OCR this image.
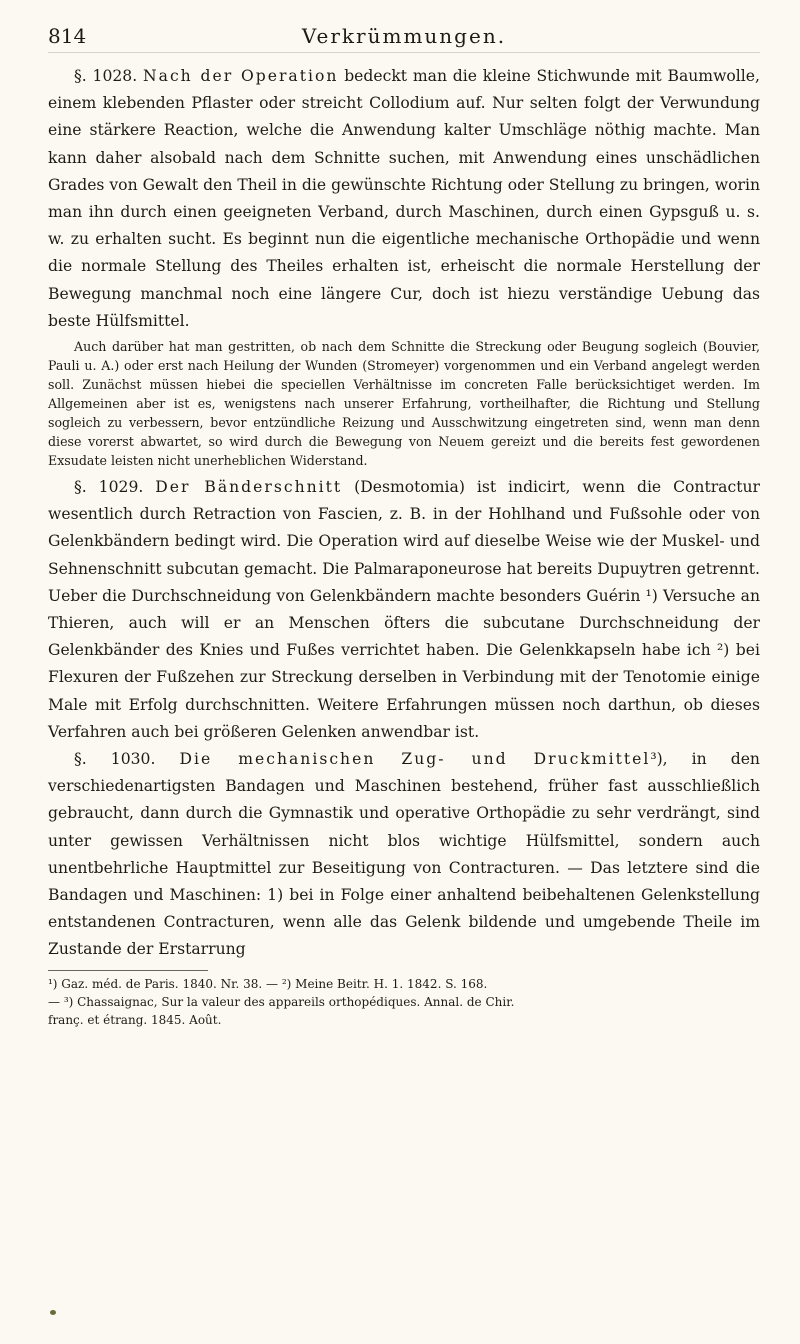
814	Verkrümmungen.

§. 1028. Nach der Operation bedeckt man die kleine Stichwunde mit Baumwolle, einem klebenden Pflaster oder streicht Collodium auf. Nur selten folgt der Verwundung eine stärkere Reaction, welche die Anwendung kalter Umschläge nöthig machte. Man kann daher alsobald nach dem Schnitte suchen, mit Anwendung eines unschädlichen Grades von Gewalt den Theil in die gewünschte Richtung oder Stellung zu bringen, worin man ihn durch einen geeigneten Verband, durch Maschinen, durch einen Gypsguß u. s. w. zu erhalten sucht. Es beginnt nun die eigentliche mechanische Orthopädie und wenn die normale Stellung des Theiles erhalten ist, erheischt die normale Herstellung der Bewegung manchmal noch eine längere Cur, doch ist hiezu verständige Uebung das beste Hülfsmittel.

Auch darüber hat man gestritten, ob nach dem Schnitte die Streckung oder Beugung sogleich (Bouvier, Pauli u. A.) oder erst nach Heilung der Wunden (Stromeyer) vorgenommen und ein Verband angelegt werden soll. Zunächst müssen hiebei die speciellen Verhältnisse im concreten Falle berücksichtiget werden. Im Allgemeinen aber ist es, wenigstens nach unserer Erfahrung, vortheilhafter, die Richtung und Stellung sogleich zu verbessern, bevor entzündliche Reizung und Ausschwitzung eingetreten sind, wenn man denn diese vorerst abwartet, so wird durch die Bewegung von Neuem gereizt und die bereits fest gewordenen Exsudate leisten nicht unerheblichen Widerstand.

§. 1029. Der Bänderschnitt (Desmotomia) ist indicirt, wenn die Contractur wesentlich durch Retraction von Fascien, z. B. in der Hohlhand und Fußsohle oder von Gelenkbändern bedingt wird. Die Operation wird auf dieselbe Weise wie der Muskel- und Sehnenschnitt subcutan gemacht. Die Palmaraponeurose hat bereits Dupuytren getrennt. Ueber die Durchschneidung von Gelenkbändern machte besonders Guérin ¹) Versuche an Thieren, auch will er an Menschen öfters die subcutane Durchschneidung der Gelenkbänder des Knies und Fußes verrichtet haben. Die Gelenkkapseln habe ich ²) bei Flexuren der Fußzehen zur Streckung derselben in Verbindung mit der Tenotomie einige Male mit Erfolg durchschnitten. Weitere Erfahrungen müssen noch darthun, ob dieses Verfahren auch bei größeren Gelenken anwendbar ist.

§. 1030. Die mechanischen Zug- und Druckmittel³), in den verschiedenartigsten Bandagen und Maschinen bestehend, früher fast ausschließlich gebraucht, dann durch die Gymnastik und operative Orthopädie zu sehr verdrängt, sind unter gewissen Verhältnissen nicht blos wichtige Hülfsmittel, sondern auch unentbehrliche Hauptmittel zur Beseitigung von Contracturen. — Das letztere sind die Bandagen und Maschinen: 1) bei in Folge einer anhaltend beibehaltenen Gelenkstellung entstandenen Contracturen, wenn alle das Gelenk bildende und umgebende Theile im Zustande der Erstarrung

¹) Gaz. méd. de Paris. 1840. Nr. 38. — ²) Meine Beitr. H. 1. 1842. S. 168.

— ³) Chassaignac, Sur la valeur des appareils orthopédiques. Annal. de Chir.

franç. et étrang. 1845. Août.
